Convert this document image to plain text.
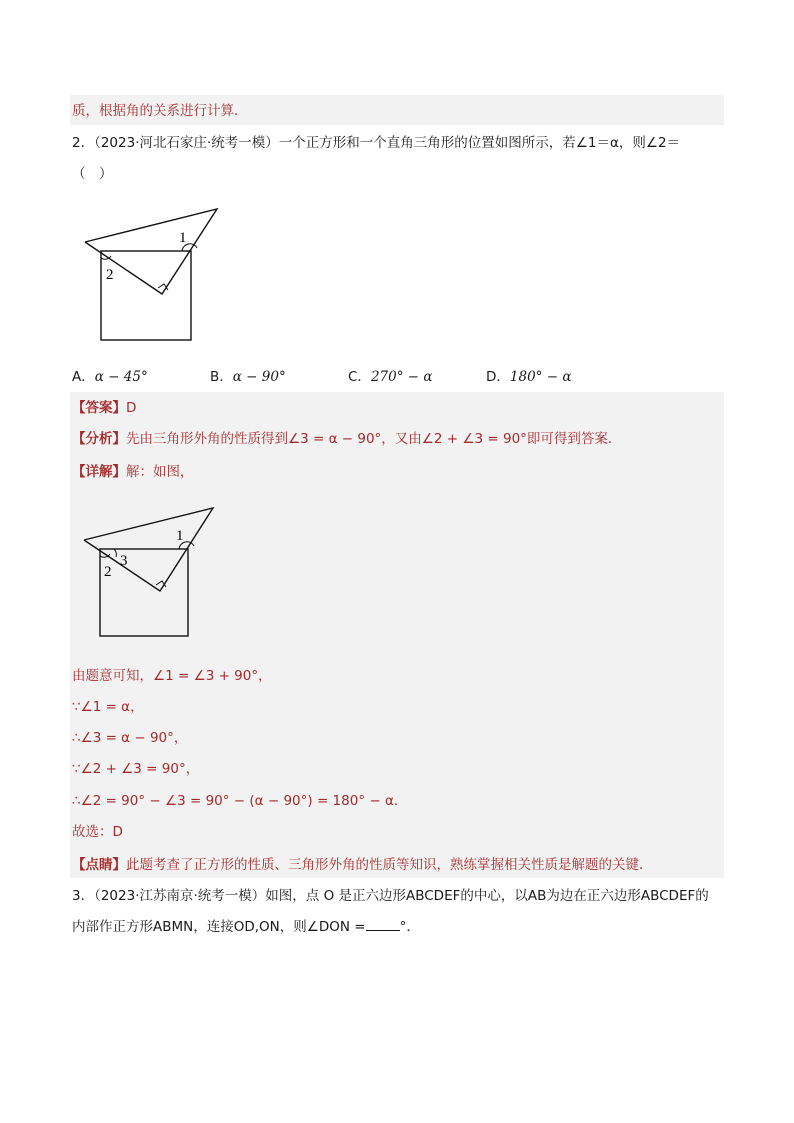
质，根据角的关系进行计算．
2．（2023·河北石家庄·统考一模）一个正方形和一个直角三角形的位置如图所示，若∠1＝α，则∠2＝
（　）
1
2
A．α − 45°	B．α − 90°	C．270° − α	D．180° − α
【答案】D
【分析】先由三角形外角的性质得到∠3 = α − 90°，又由∠2 + ∠3 = 90°即可得到答案．
【详解】解：如图，
1
2
3
由题意可知，∠1 = ∠3 + 90°，
∵∠1 = α，
∴∠3 = α − 90°，
∵∠2 + ∠3 = 90°，
∴∠2 = 90° − ∠3 = 90° − (α − 90°) = 180° − α．
故选：D
【点睛】此题考查了正方形的性质、三角形外角的性质等知识，熟练掌握相关性质是解题的关键．
3．（2023·江苏南京·统考一模）如图，点 O 是正六边形ABCDEF的中心，以AB为边在正六边形ABCDEF的
内部作正方形ABMN，连接OD,ON，则∠DON =	°．
